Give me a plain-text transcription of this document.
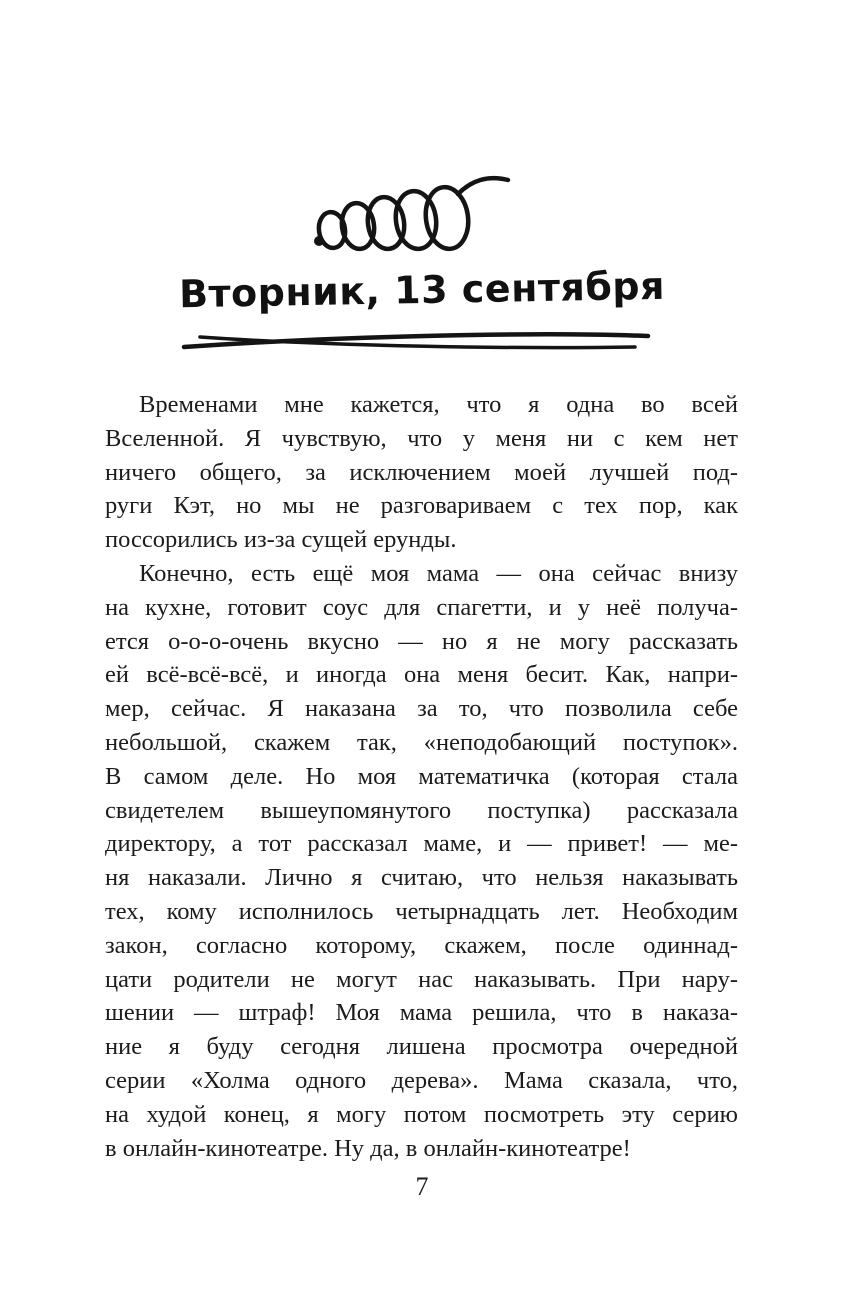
Вторник, 13 сентября
Временами мне кажется, что я одна во всей
Вселенной. Я чувствую, что у меня ни с кем нет
ничего общего, за исключением моей лучшей под-
руги Кэт, но мы не разговариваем с тех пор, как
поссорились из-за сущей ерунды.
Конечно, есть ещё моя мама — она сейчас внизу
на кухне, готовит соус для спагетти, и у неё получа-
ется о-о-о-очень вкусно — но я не могу рассказать
ей всё-всё-всё, и иногда она меня бесит. Как, напри-
мер, сейчас. Я наказана за то, что позволила себе
небольшой, скажем так, «неподобающий поступок».
В самом деле. Но моя математичка (которая стала
свидетелем вышеупомянутого поступка) рассказала
директору, а тот рассказал маме, и — привет! — ме-
ня наказали. Лично я считаю, что нельзя наказывать
тех, кому исполнилось четырнадцать лет. Необходим
закон, согласно которому, скажем, после одиннад-
цати родители не могут нас наказывать. При нару-
шении — штраф! Моя мама решила, что в наказа-
ние я буду сегодня лишена просмотра очередной
серии «Холма одного дерева». Мама сказала, что,
на худой конец, я могу потом посмотреть эту серию
в онлайн-кинотеатре. Ну да, в онлайн-кинотеатре!
7
